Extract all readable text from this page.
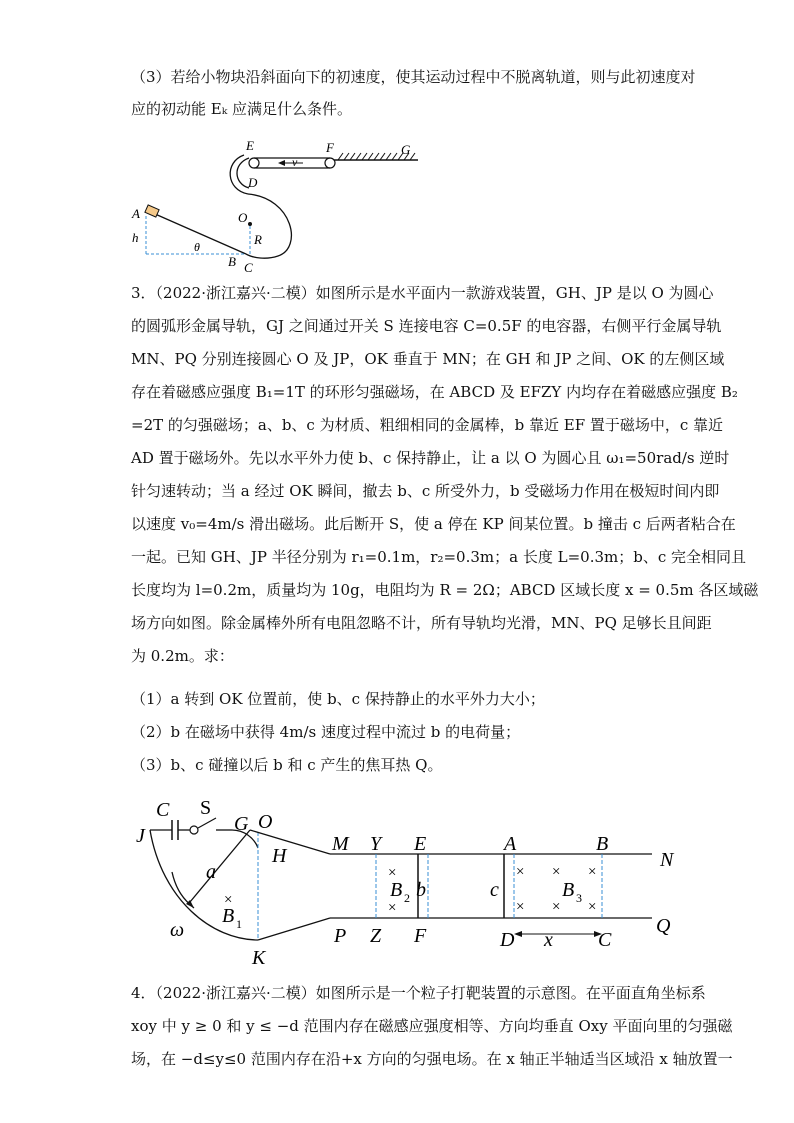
（3）若给小物块沿斜面向下的初速度，使其运动过程中不脱离轨道，则与此初速度对
应的初动能 Eₖ 应满足什么条件。
E	F	G
v
D
O
A
h
θ	R
B C
3．（2022·浙江嘉兴·二模）如图所示是水平面内一款游戏装置，GH、JP 是以 O 为圆心
的圆弧形金属导轨，GJ 之间通过开关 S 连接电容 C=0.5F 的电容器，右侧平行金属导轨
MN、PQ 分别连接圆心 O 及 JP，OK 垂直于 MN；在 GH 和 JP 之间、OK 的左侧区域
存在着磁感应强度 B₁=1T 的环形匀强磁场，在 ABCD 及 EFZY 内均存在着磁感应强度 B₂
=2T 的匀强磁场；a、b、c 为材质、粗细相同的金属棒，b 靠近 EF 置于磁场中，c 靠近
AD 置于磁场外。先以水平外力使 b、c 保持静止，让 a 以 O 为圆心且 ω₁=50rad/s 逆时
针匀速转动；当 a 经过 OK 瞬间，撤去 b、c 所受外力，b 受磁场力作用在极短时间内即
以速度 v₀=4m/s 滑出磁场。此后断开 S，使 a 停在 KP 间某位置。b 撞击 c 后两者粘合在
一起。已知 GH、JP 半径分别为 r₁=0.1m，r₂=0.3m；a 长度 L=0.3m；b、c 完全相同且
长度均为 l=0.2m，质量均为 10g，电阻均为 R = 2Ω；ABCD 区域长度 x = 0.5m 各区域磁
场方向如图。除金属棒外所有电阻忽略不计，所有导轨均光滑，MN、PQ 足够长且间距
为 0.2m。求：
（1）a 转到 OK 位置前，使 b、c 保持静止的水平外力大小；
（2）b 在磁场中获得 4m/s 速度过程中流过 b 的电荷量；
（3）b、c 碰撞以后 b 和 c 产生的焦耳热 Q。
×
×
×
× × ×
× × ×
C S
G O
J
H
M Y E	A	B
N
a
B 2 b	c	B 3
B 1
ω	P Z F	D x C
Q
K
4．（2022·浙江嘉兴·二模）如图所示是一个粒子打靶装置的示意图。在平面直角坐标系
xoy 中 y ≥ 0 和 y ≤ −d 范围内存在磁感应强度相等、方向均垂直 Oxy 平面向里的匀强磁
场，在 −d≤y≤0 范围内存在沿+x 方向的匀强电场。在 x 轴正半轴适当区域沿 x 轴放置一
